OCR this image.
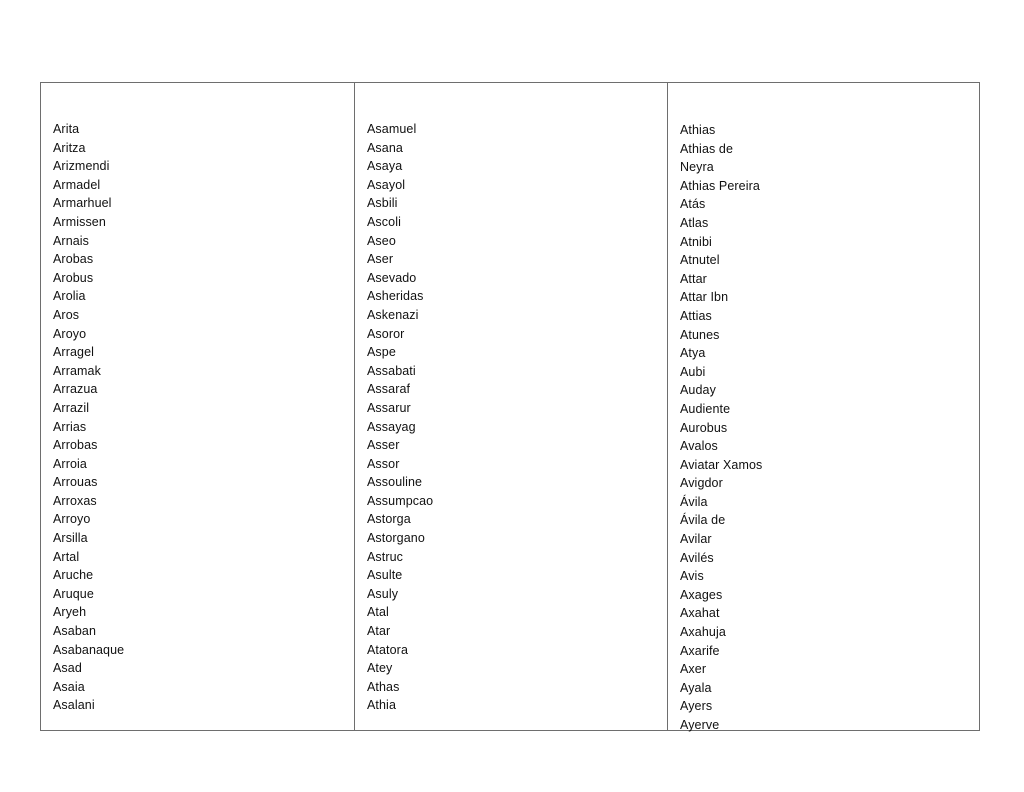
Arita
Aritza
Arizmendi
Armadel
Armarhuel
Armissen
Arnais
Arobas
Arobus
Arolia
Aros
Aroyo
Arragel
Arramak
Arrazua
Arrazil
Arrias
Arrobas
Arroia
Arrouas
Arroxas
Arroyo
Arsilla
Artal
Aruche
Aruque
Aryeh
Asaban
Asabanaque
Asad
Asaia
Asalani
Asamuel
Asana
Asaya
Asayol
Asbili
Ascoli
Aseo
Aser
Asevado
Asheridas
Askenazi
Asoror
Aspe
Assabati
Assaraf
Assarur
Assayag
Asser
Assor
Assouline
Assumpcao
Astorga
Astorgano
Astruc
Asulte
Asuly
Atal
Atar
Atatora
Atey
Athas
Athia
Athias
Athias de
Neyra
Athias Pereira
Atás
Atlas
Atnibi
Atnutel
Attar
Attar Ibn
Attias
Atunes
Atya
Aubi
Auday
Audiente
Aurobus
Avalos
Aviatar Xamos
Avigdor
Ávila
Ávila de
Avilar
Avilés
Avis
Axages
Axahat
Axahuja
Axarife
Axer
Ayala
Ayers
Ayerve
